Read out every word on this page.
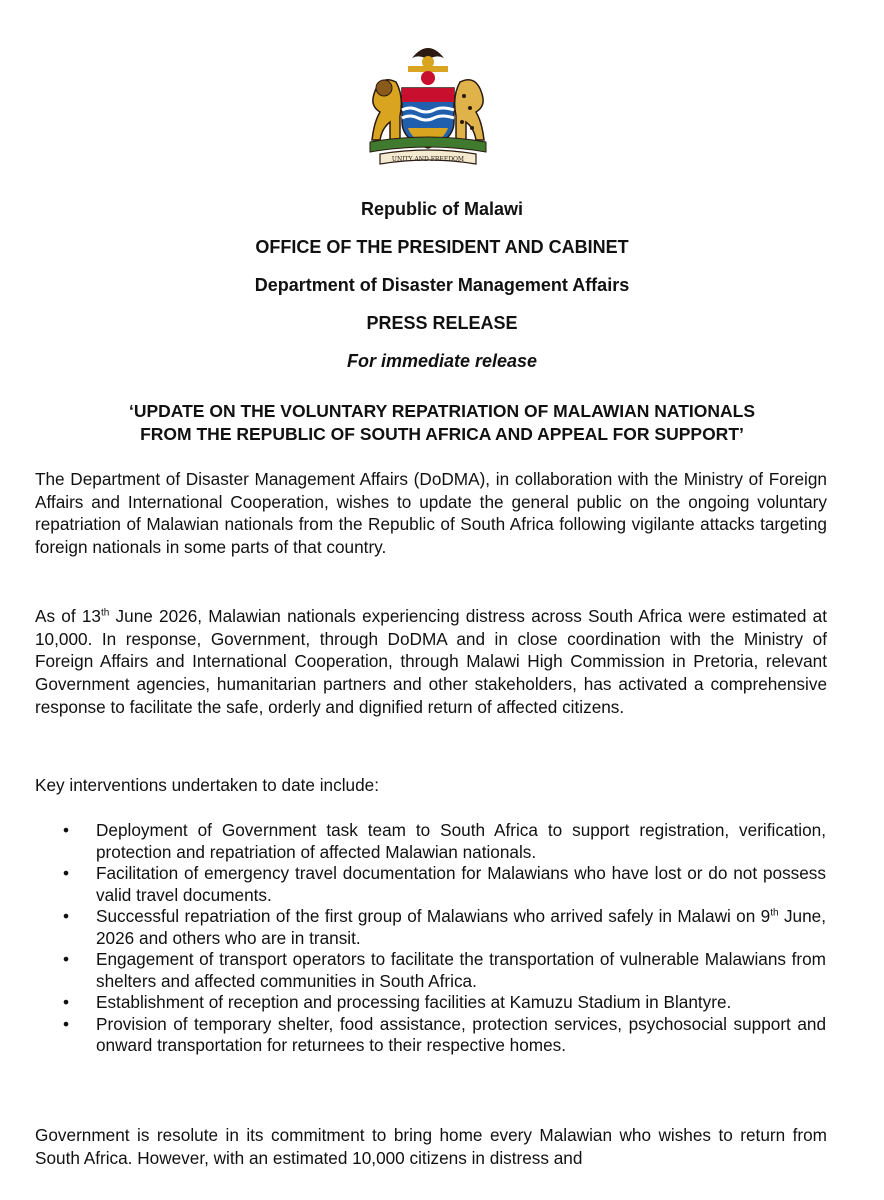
UNITY AND FREEDOM
Republic of Malawi
OFFICE OF THE PRESIDENT AND CABINET
Department of Disaster Management Affairs
PRESS RELEASE
For immediate release
‘UPDATE ON THE VOLUNTARY REPATRIATION OF MALAWIAN NATIONALS
FROM THE REPUBLIC OF SOUTH AFRICA AND APPEAL FOR SUPPORT’
The Department of Disaster Management Affairs (DoDMA), in collaboration with the Ministry of Foreign Affairs and International Cooperation, wishes to update the general public on the ongoing voluntary repatriation of Malawian nationals from the Republic of South Africa following vigilante attacks targeting foreign nationals in some parts of that country.
As of 13th June 2026, Malawian nationals experiencing distress across South Africa were estimated at 10,000. In response, Government, through DoDMA and in close coordination with the Ministry of Foreign Affairs and International Cooperation, through Malawi High Commission in Pretoria, relevant Government agencies, humanitarian partners and other stakeholders, has activated a comprehensive response to facilitate the safe, orderly and dignified return of affected citizens.
Key interventions undertaken to date include:
• Deployment of Government task team to South Africa to support registration, verification, protection and repatriation of affected Malawian nationals.
• Facilitation of emergency travel documentation for Malawians who have lost or do not possess valid travel documents.
• Successful repatriation of the first group of Malawians who arrived safely in Malawi on 9th June, 2026 and others who are in transit.
• Engagement of transport operators to facilitate the transportation of vulnerable Malawians from shelters and affected communities in South Africa.
• Establishment of reception and processing facilities at Kamuzu Stadium in Blantyre.
• Provision of temporary shelter, food assistance, protection services, psychosocial support and onward transportation for returnees to their respective homes.
Government is resolute in its commitment to bring home every Malawian who wishes to return from South Africa. However, with an estimated 10,000 citizens in distress and
